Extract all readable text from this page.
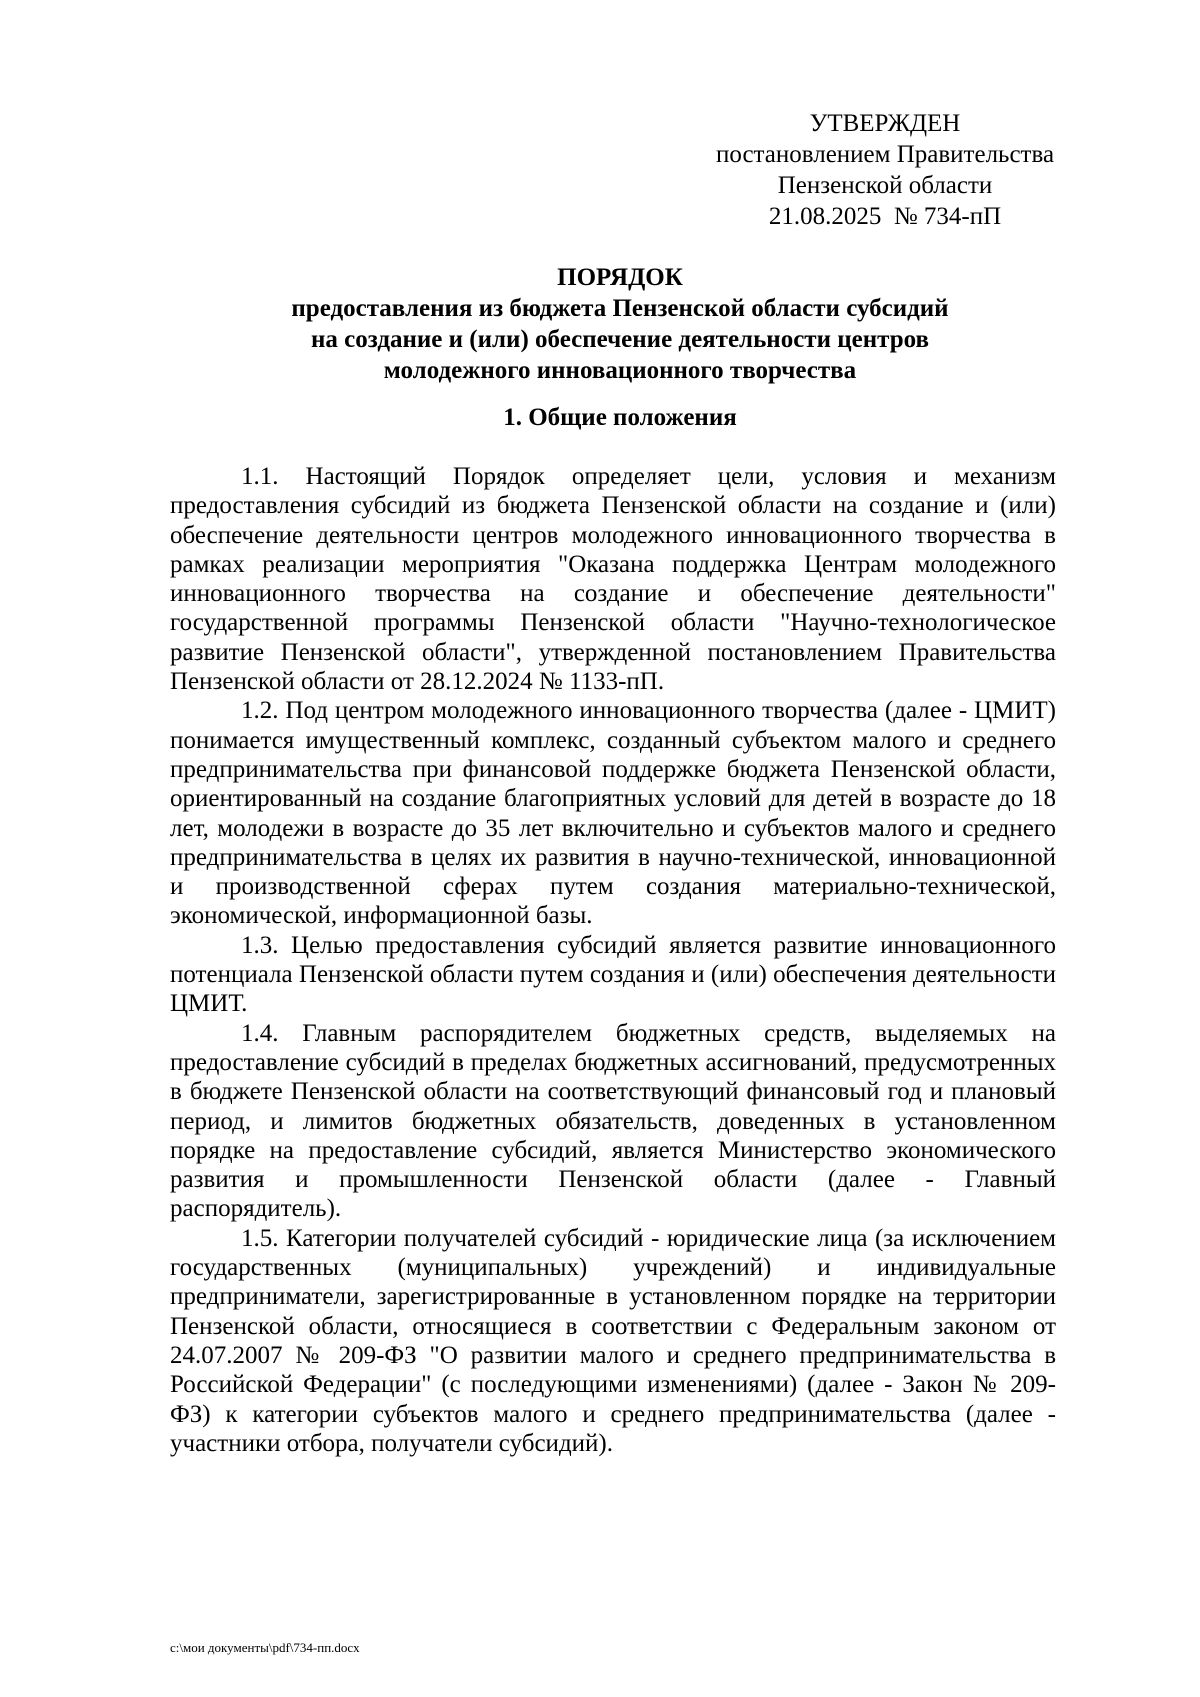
УТВЕРЖДЕН
постановлением Правительства
Пензенской области
21.08.2025  № 734-пП
ПОРЯДОК
предоставления из бюджета Пензенской области субсидий
на создание и (или) обеспечение деятельности центров
молодежного инновационного творчества
1. Общие положения

1.1. Настоящий Порядок определяет цели, условия и механизм предоставления субсидий из бюджета Пензенской области на создание и (или) обеспечение деятельности центров молодежного инновационного творчества в рамках реализации мероприятия "Оказана поддержка Центрам молодежного инновационного творчества на создание и обеспечение деятельности" государственной программы Пензенской области "Научно-технологическое развитие Пензенской области", утвержденной постановлением Правительства Пензенской области от 28.12.2024 № 1133-пП.

1.2. Под центром молодежного инновационного творчества (далее - ЦМИТ) понимается имущественный комплекс, созданный субъектом малого и среднего предпринимательства при финансовой поддержке бюджета Пензенской области, ориентированный на создание благоприятных условий для детей в возрасте до 18 лет, молодежи в возрасте до 35 лет включительно и субъектов малого и среднего предпринимательства в целях их развития в научно-технической, инновационной и производственной сферах путем создания материально-технической, экономической, информационной базы.

1.3. Целью предоставления субсидий является развитие инновационного потенциала Пензенской области путем создания и (или) обеспечения деятельности ЦМИТ.

1.4. Главным распорядителем бюджетных средств, выделяемых на предоставление субсидий в пределах бюджетных ассигнований, предусмотренных в бюджете Пензенской области на соответствующий финансовый год и плановый период, и лимитов бюджетных обязательств, доведенных в установленном порядке на предоставление субсидий, является Министерство экономического развития и промышленности Пензенской области (далее - Главный распорядитель).

1.5. Категории получателей субсидий - юридические лица (за исключением государственных (муниципальных) учреждений) и индивидуальные предприниматели, зарегистрированные в установленном порядке на территории Пензенской области, относящиеся в соответствии с Федеральным законом от 24.07.2007 № 209-ФЗ "О развитии малого и среднего предпринимательства в Российской Федерации" (с последующими изменениями) (далее - Закон № 209-ФЗ) к категории субъектов малого и среднего предпринимательства (далее - участники отбора, получатели субсидий).

c:\мои документы\pdf\734-пп.docx
